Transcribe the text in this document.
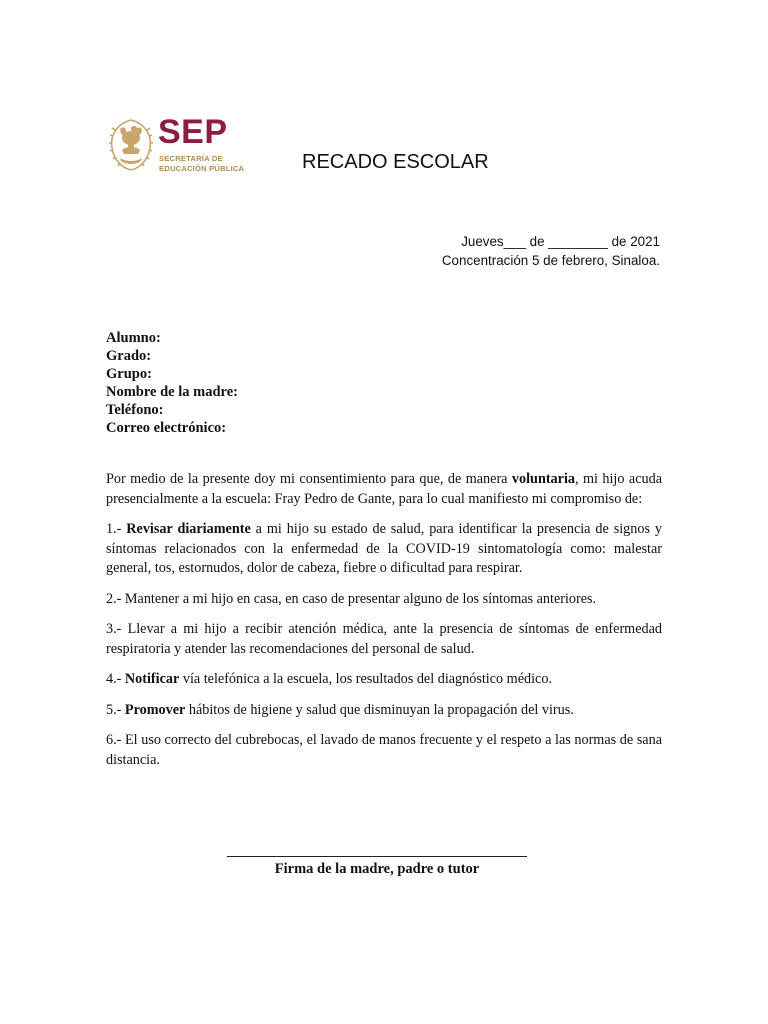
SEP
SECRETARÍA DE
EDUCACIÓN PÚBLICA	RECADO ESCOLAR
Jueves___ de ________ de 2021
Concentración 5 de febrero, Sinaloa.
Alumno:
Grado:
Grupo:
Nombre de la madre:
Teléfono:
Correo electrónico:

Por medio de la presente doy mi consentimiento para que, de manera voluntaria, mi hijo acuda presencialmente a la escuela: Fray Pedro de Gante, para lo cual manifiesto mi compromiso de:

1.- Revisar diariamente a mi hijo su estado de salud, para identificar la presencia de signos y síntomas relacionados con la enfermedad de la COVID-19 sintomatología como: malestar general, tos, estornudos, dolor de cabeza, fiebre o dificultad para respirar.

2.- Mantener a mi hijo en casa, en caso de presentar alguno de los síntomas anteriores.

3.- Llevar a mi hijo a recibir atención médica, ante la presencia de síntomas de enfermedad respiratoria y atender las recomendaciones del personal de salud.

4.- Notificar vía telefónica a la escuela, los resultados del diagnóstico médico.

5.- Promover hábitos de higiene y salud que disminuyan la propagación del virus.

6.- El uso correcto del cubrebocas, el lavado de manos frecuente y el respeto a las normas de sana distancia.

Firma de la madre, padre o tutor
